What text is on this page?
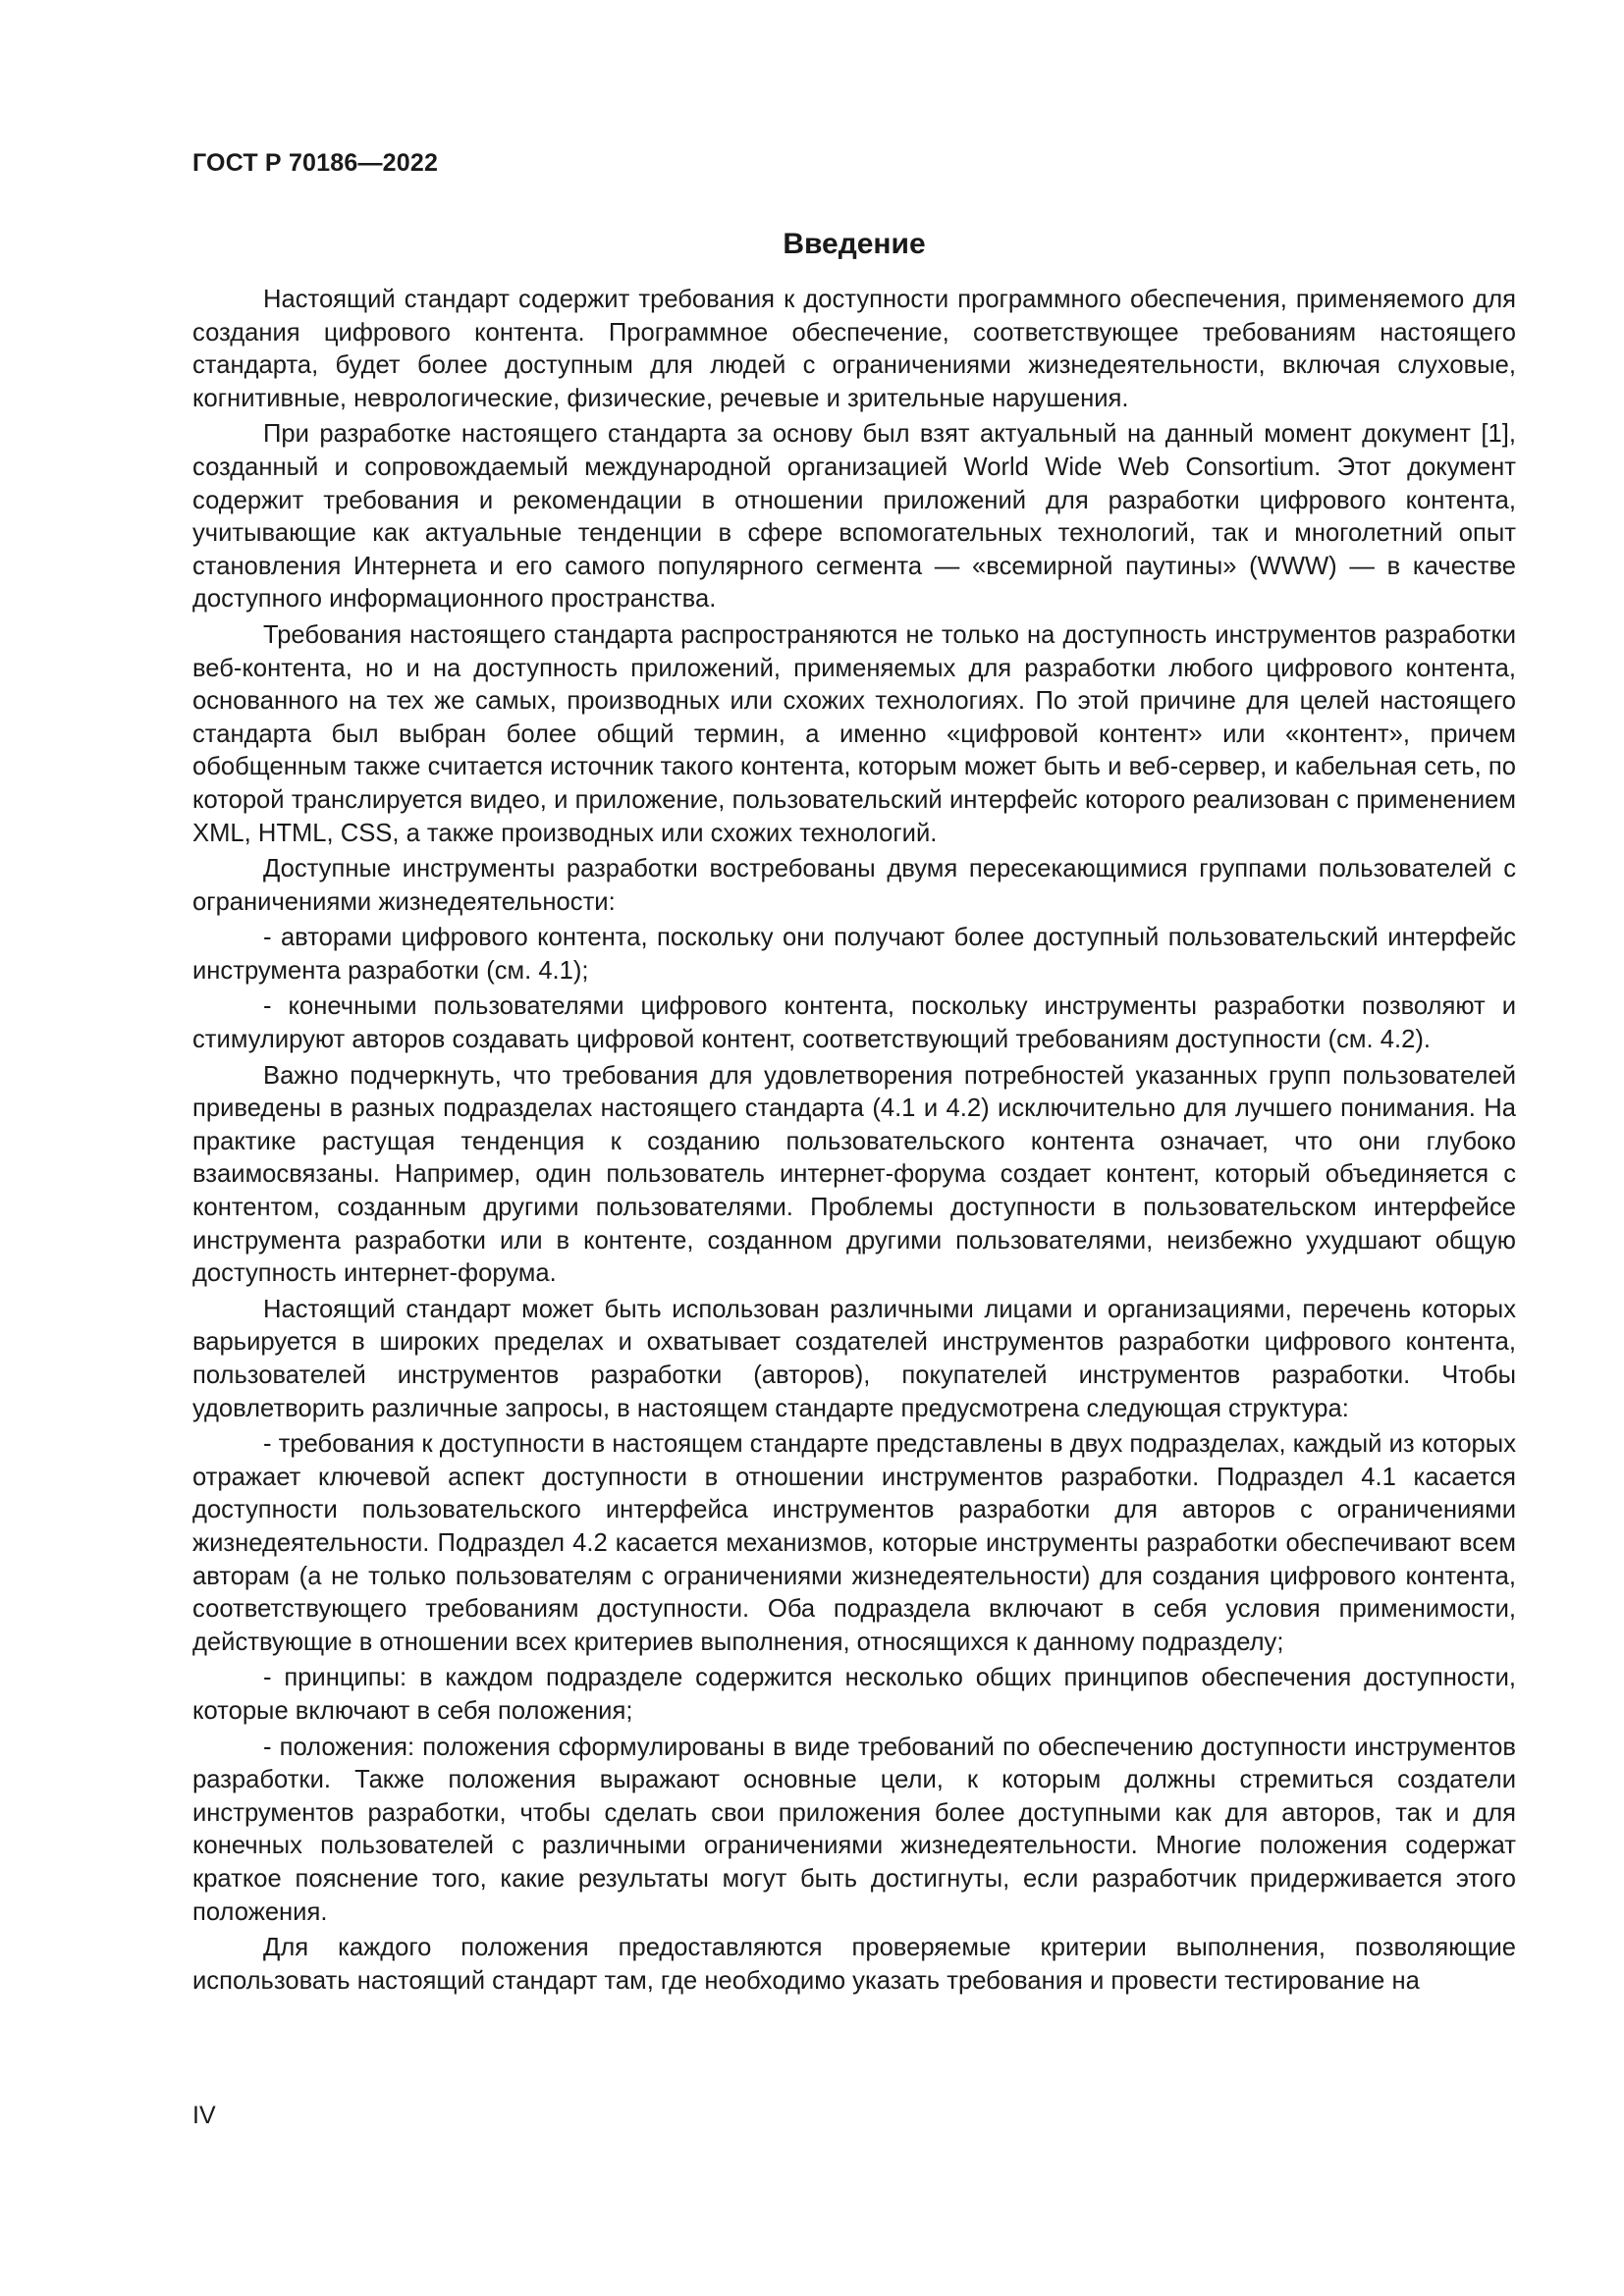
ГОСТ Р 70186—2022
Введение

Настоящий стандарт содержит требования к доступности программного обеспечения, применяемого для создания цифрового контента. Программное обеспечение, соответствующее требованиям настоящего стандарта, будет более доступным для людей с ограничениями жизнедеятельности, включая слуховые, когнитивные, неврологические, физические, речевые и зрительные нарушения.

При разработке настоящего стандарта за основу был взят актуальный на данный момент документ [1], созданный и сопровождаемый международной организацией World Wide Web Consortium. Этот документ содержит требования и рекомендации в отношении приложений для разработки цифрового контента, учитывающие как актуальные тенденции в сфере вспомогательных технологий, так и многолетний опыт становления Интернета и его самого популярного сегмента — «всемирной паутины» (WWW) — в качестве доступного информационного пространства.

Требования настоящего стандарта распространяются не только на доступность инструментов разработки веб-контента, но и на доступность приложений, применяемых для разработки любого цифрового контента, основанного на тех же самых, производных или схожих технологиях. По этой причине для целей настоящего стандарта был выбран более общий термин, а именно «цифровой контент» или «контент», причем обобщенным также считается источник такого контента, которым может быть и веб-сервер, и кабельная сеть, по которой транслируется видео, и приложение, пользовательский интерфейс которого реализован с применением XML, HTML, CSS, а также производных или схожих технологий.

Доступные инструменты разработки востребованы двумя пересекающимися группами пользователей с ограничениями жизнедеятельности:

- авторами цифрового контента, поскольку они получают более доступный пользовательский интерфейс инструмента разработки (см. 4.1);

- конечными пользователями цифрового контента, поскольку инструменты разработки позволяют и стимулируют авторов создавать цифровой контент, соответствующий требованиям доступности (см. 4.2).

Важно подчеркнуть, что требования для удовлетворения потребностей указанных групп пользователей приведены в разных подразделах настоящего стандарта (4.1 и 4.2) исключительно для лучшего понимания. На практике растущая тенденция к созданию пользовательского контента означает, что они глубоко взаимосвязаны. Например, один пользователь интернет-форума создает контент, который объединяется с контентом, созданным другими пользователями. Проблемы доступности в пользовательском интерфейсе инструмента разработки или в контенте, созданном другими пользователями, неизбежно ухудшают общую доступность интернет-форума.

Настоящий стандарт может быть использован различными лицами и организациями, перечень которых варьируется в широких пределах и охватывает создателей инструментов разработки цифрового контента, пользователей инструментов разработки (авторов), покупателей инструментов разработки. Чтобы удовлетворить различные запросы, в настоящем стандарте предусмотрена следующая структура:

- требования к доступности в настоящем стандарте представлены в двух подразделах, каждый из которых отражает ключевой аспект доступности в отношении инструментов разработки. Подраздел 4.1 касается доступности пользовательского интерфейса инструментов разработки для авторов с ограничениями жизнедеятельности. Подраздел 4.2 касается механизмов, которые инструменты разработки обеспечивают всем авторам (а не только пользователям с ограничениями жизнедеятельности) для создания цифрового контента, соответствующего требованиям доступности. Оба подраздела включают в себя условия применимости, действующие в отношении всех критериев выполнения, относящихся к данному подразделу;

- принципы: в каждом подразделе содержится несколько общих принципов обеспечения доступности, которые включают в себя положения;

- положения: положения сформулированы в виде требований по обеспечению доступности инструментов разработки. Также положения выражают основные цели, к которым должны стремиться создатели инструментов разработки, чтобы сделать свои приложения более доступными как для авторов, так и для конечных пользователей с различными ограничениями жизнедеятельности. Многие положения содержат краткое пояснение того, какие результаты могут быть достигнуты, если разработчик придерживается этого положения.

Для каждого положения предоставляются проверяемые критерии выполнения, позволяющие использовать настоящий стандарт там, где необходимо указать требования и провести тестирование на

IV
